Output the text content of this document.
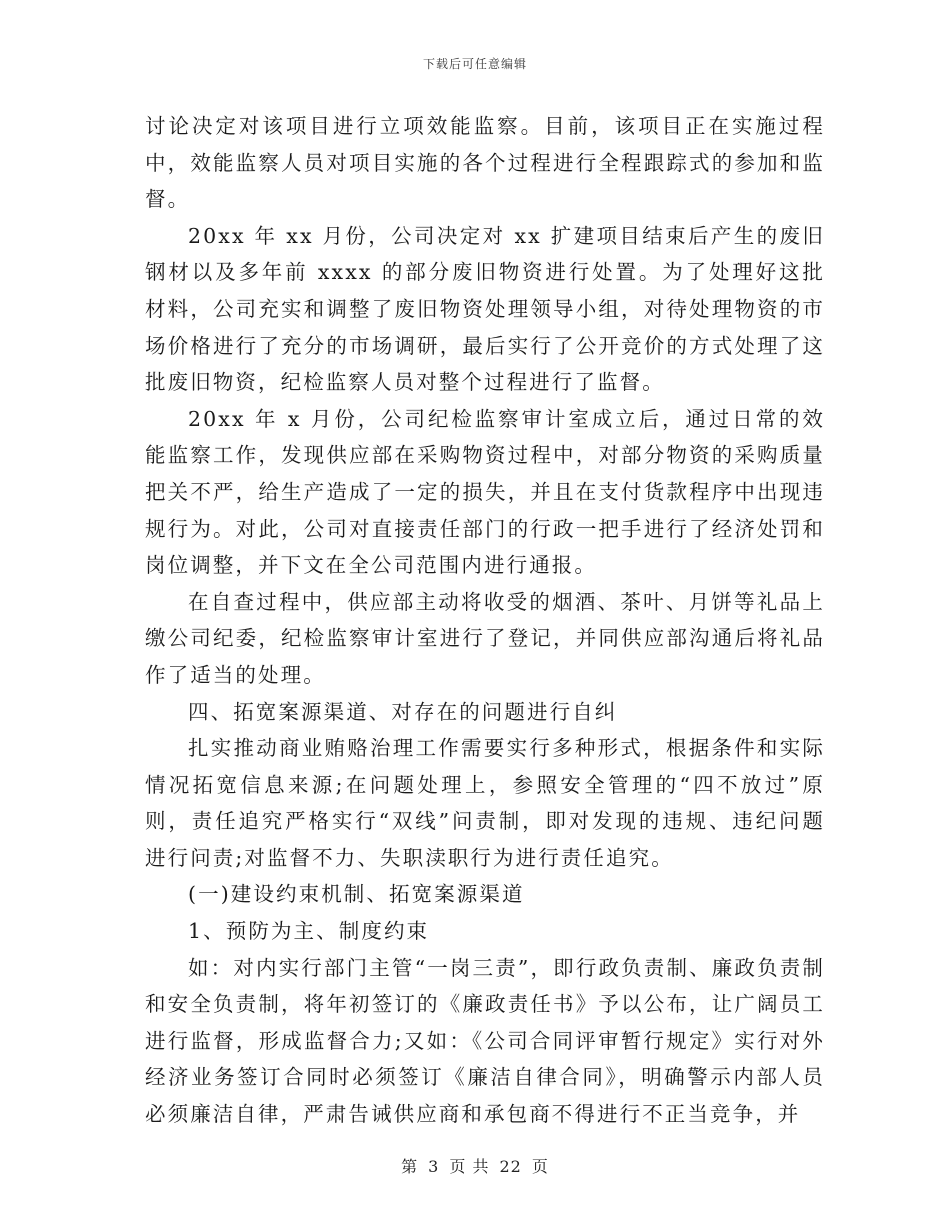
下载后可任意编辑

讨论决定对该项目进行立项效能监察。目前，该项目正在实施过程中，效能监察人员对项目实施的各个过程进行全程跟踪式的参加和监督。

20xx 年 xx 月份，公司决定对 xx 扩建项目结束后产生的废旧钢材以及多年前 xxxx 的部分废旧物资进行处置。为了处理好这批材料，公司充实和调整了废旧物资处理领导小组，对待处理物资的市场价格进行了充分的市场调研，最后实行了公开竞价的方式处理了这批废旧物资，纪检监察人员对整个过程进行了监督。

20xx 年 x 月份，公司纪检监察审计室成立后，通过日常的效能监察工作，发现供应部在采购物资过程中，对部分物资的采购质量把关不严，给生产造成了一定的损失，并且在支付货款程序中出现违规行为。对此，公司对直接责任部门的行政一把手进行了经济处罚和岗位调整，并下文在全公司范围内进行通报。

在自查过程中，供应部主动将收受的烟酒、茶叶、月饼等礼品上缴公司纪委，纪检监察审计室进行了登记，并同供应部沟通后将礼品作了适当的处理。

四、拓宽案源渠道、对存在的问题进行自纠

扎实推动商业贿赂治理工作需要实行多种形式，根据条件和实际情况拓宽信息来源;在问题处理上，参照安全管理的“四不放过”原则，责任追究严格实行“双线”问责制，即对发现的违规、违纪问题进行问责;对监督不力、失职渎职行为进行责任追究。

(一)建设约束机制、拓宽案源渠道

1、预防为主、制度约束

如：对内实行部门主管“一岗三责”，即行政负责制、廉政负责制和安全负责制，将年初签订的《廉政责任书》予以公布，让广阔员工进行监督，形成监督合力;又如：《公司合同评审暂行规定》实行对外经济业务签订合同时必须签订《廉洁自律合同》，明确警示内部人员必须廉洁自律，严肃告诫供应商和承包商不得进行不正当竞争，并

第 3 页 共 22 页
